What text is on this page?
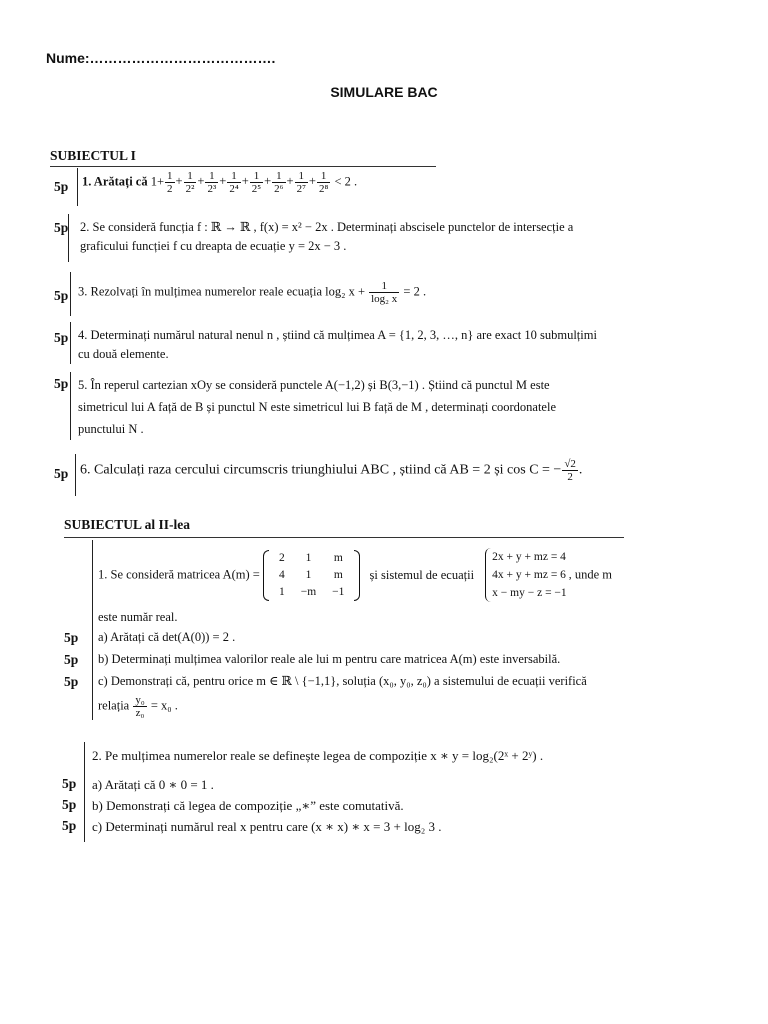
Nume:………………………………….
SIMULARE BAC
SUBIECTUL I
5p 1. Arătați că $1+ \frac{1}{2} + \frac{1}{\text{2²}} + \frac{1}{\text{2³}} + \frac{1}{\text{2⁴}} + \frac{1}{\text{2⁵}} + \frac{1}{\text{2⁶}} + \frac{1}{\text{2⁷}} + \frac{1}{\text{2⁸}} < 2$ .
5p 2. Se consideră funcția f : ℝ → ℝ , f(x) = x² − 2x . Determinați abscisele punctelor de intersecție a
graficului funcției f cu dreapta de ecuație y = 2x − 3 .
5p 3. Rezolvați în mulțimea numerelor reale ecuația log₂ $x + \frac{1}{\text{log₂ x}} = 2$ .
5p 4. Determinați numărul natural nenul n , știind că mulțimea A = {1, 2, 3, …, n} are exact 10 submulțimi
cu două elemente.
5p 5. În reperul cartezian xOy se consideră punctele A(−1,2) și B(3,−1) . Știind că punctul M este
simetricul lui A față de B și punctul N este simetricul lui B față de M , determinați coordonatele
punctului N .
5p 6. Calculați raza cercului circumscris triunghiului ABC , știind că AB = 2 și cos C = − $\frac{√2}{2}$ .
SUBIECTUL al II-lea
1. Se consideră matricea A(m) =
2	1	m
4	1	m
1	−m	−1
și sistemul de ecuații
2x + y + mz = 4
4x + y + mz = 6 ,
x − my − z = −1
unde m
este număr real.
5p a) Arătați că det(A(0)) = 2 .
5p b) Determinați mulțimea valorilor reale ale lui m pentru care matricea A(m) este inversabilă.
5p c) Demonstrați că, pentru orice m ∈ ℝ \ {−1,1}, soluția (x₀, y₀, z₀) a sistemului de ecuații verifică
relația $\frac{\text{y₀}}{\text{z₀}} = x_0$ .
2. Pe mulțimea numerelor reale se definește legea de compoziție x ∗ y = log₂(2ˣ + 2ʸ) .
5p a) Arătați că 0 ∗ 0 = 1 .
5p b) Demonstrați că legea de compoziție „∗” este comutativă.
5p c) Determinați numărul real x pentru care (x ∗ x) ∗ x = 3 + log₂ 3 .
